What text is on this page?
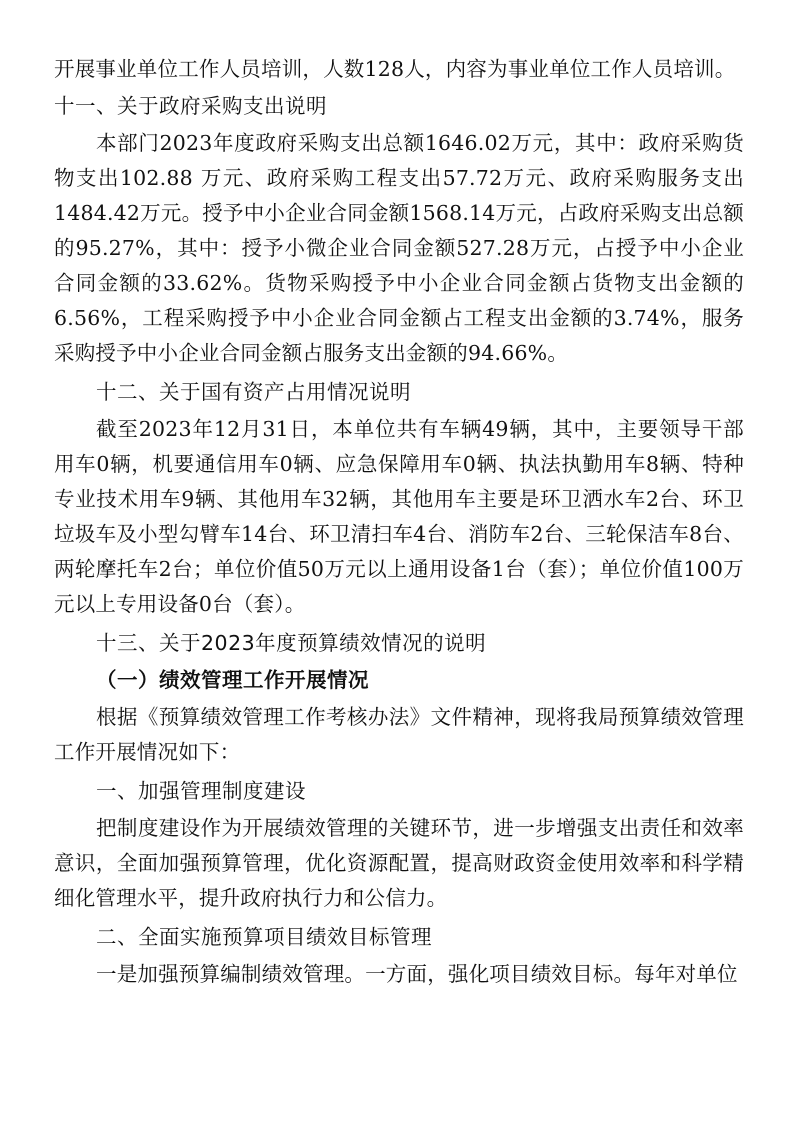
开展事业单位工作人员培训，人数128人，内容为事业单位工作人员培训。

十一、关于政府采购支出说明

本部门2023年度政府采购支出总额1646.02万元，其中：政府采购货物支出102.88 万元、政府采购工程支出57.72万元、政府采购服务支出1484.42万元。授予中小企业合同金额1568.14万元，占政府采购支出总额的95.27%，其中：授予小微企业合同金额527.28万元，占授予中小企业合同金额的33.62%。货物采购授予中小企业合同金额占货物支出金额的6.56%，工程采购授予中小企业合同金额占工程支出金额的3.74%，服务采购授予中小企业合同金额占服务支出金额的94.66%。

十二、关于国有资产占用情况说明

截至2023年12月31日，本单位共有车辆49辆，其中，主要领导干部用车0辆，机要通信用车0辆、应急保障用车0辆、执法执勤用车8辆、特种专业技术用车9辆、其他用车32辆，其他用车主要是环卫洒水车2台、环卫垃圾车及小型勾臂车14台、环卫清扫车4台、消防车2台、三轮保洁车8台、两轮摩托车2台；单位价值50万元以上通用设备1台（套）；单位价值100万元以上专用设备0台（套）。

十三、关于2023年度预算绩效情况的说明
（一）绩效管理工作开展情况

根据《预算绩效管理工作考核办法》文件精神，现将我局预算绩效管理工作开展情况如下：

一、加强管理制度建设

把制度建设作为开展绩效管理的关键环节，进一步增强支出责任和效率意识，全面加强预算管理，优化资源配置，提高财政资金使用效率和科学精细化管理水平，提升政府执行力和公信力。

二、全面实施预算项目绩效目标管理

一是加强预算编制绩效管理。一方面，强化项目绩效目标。每年对单位
